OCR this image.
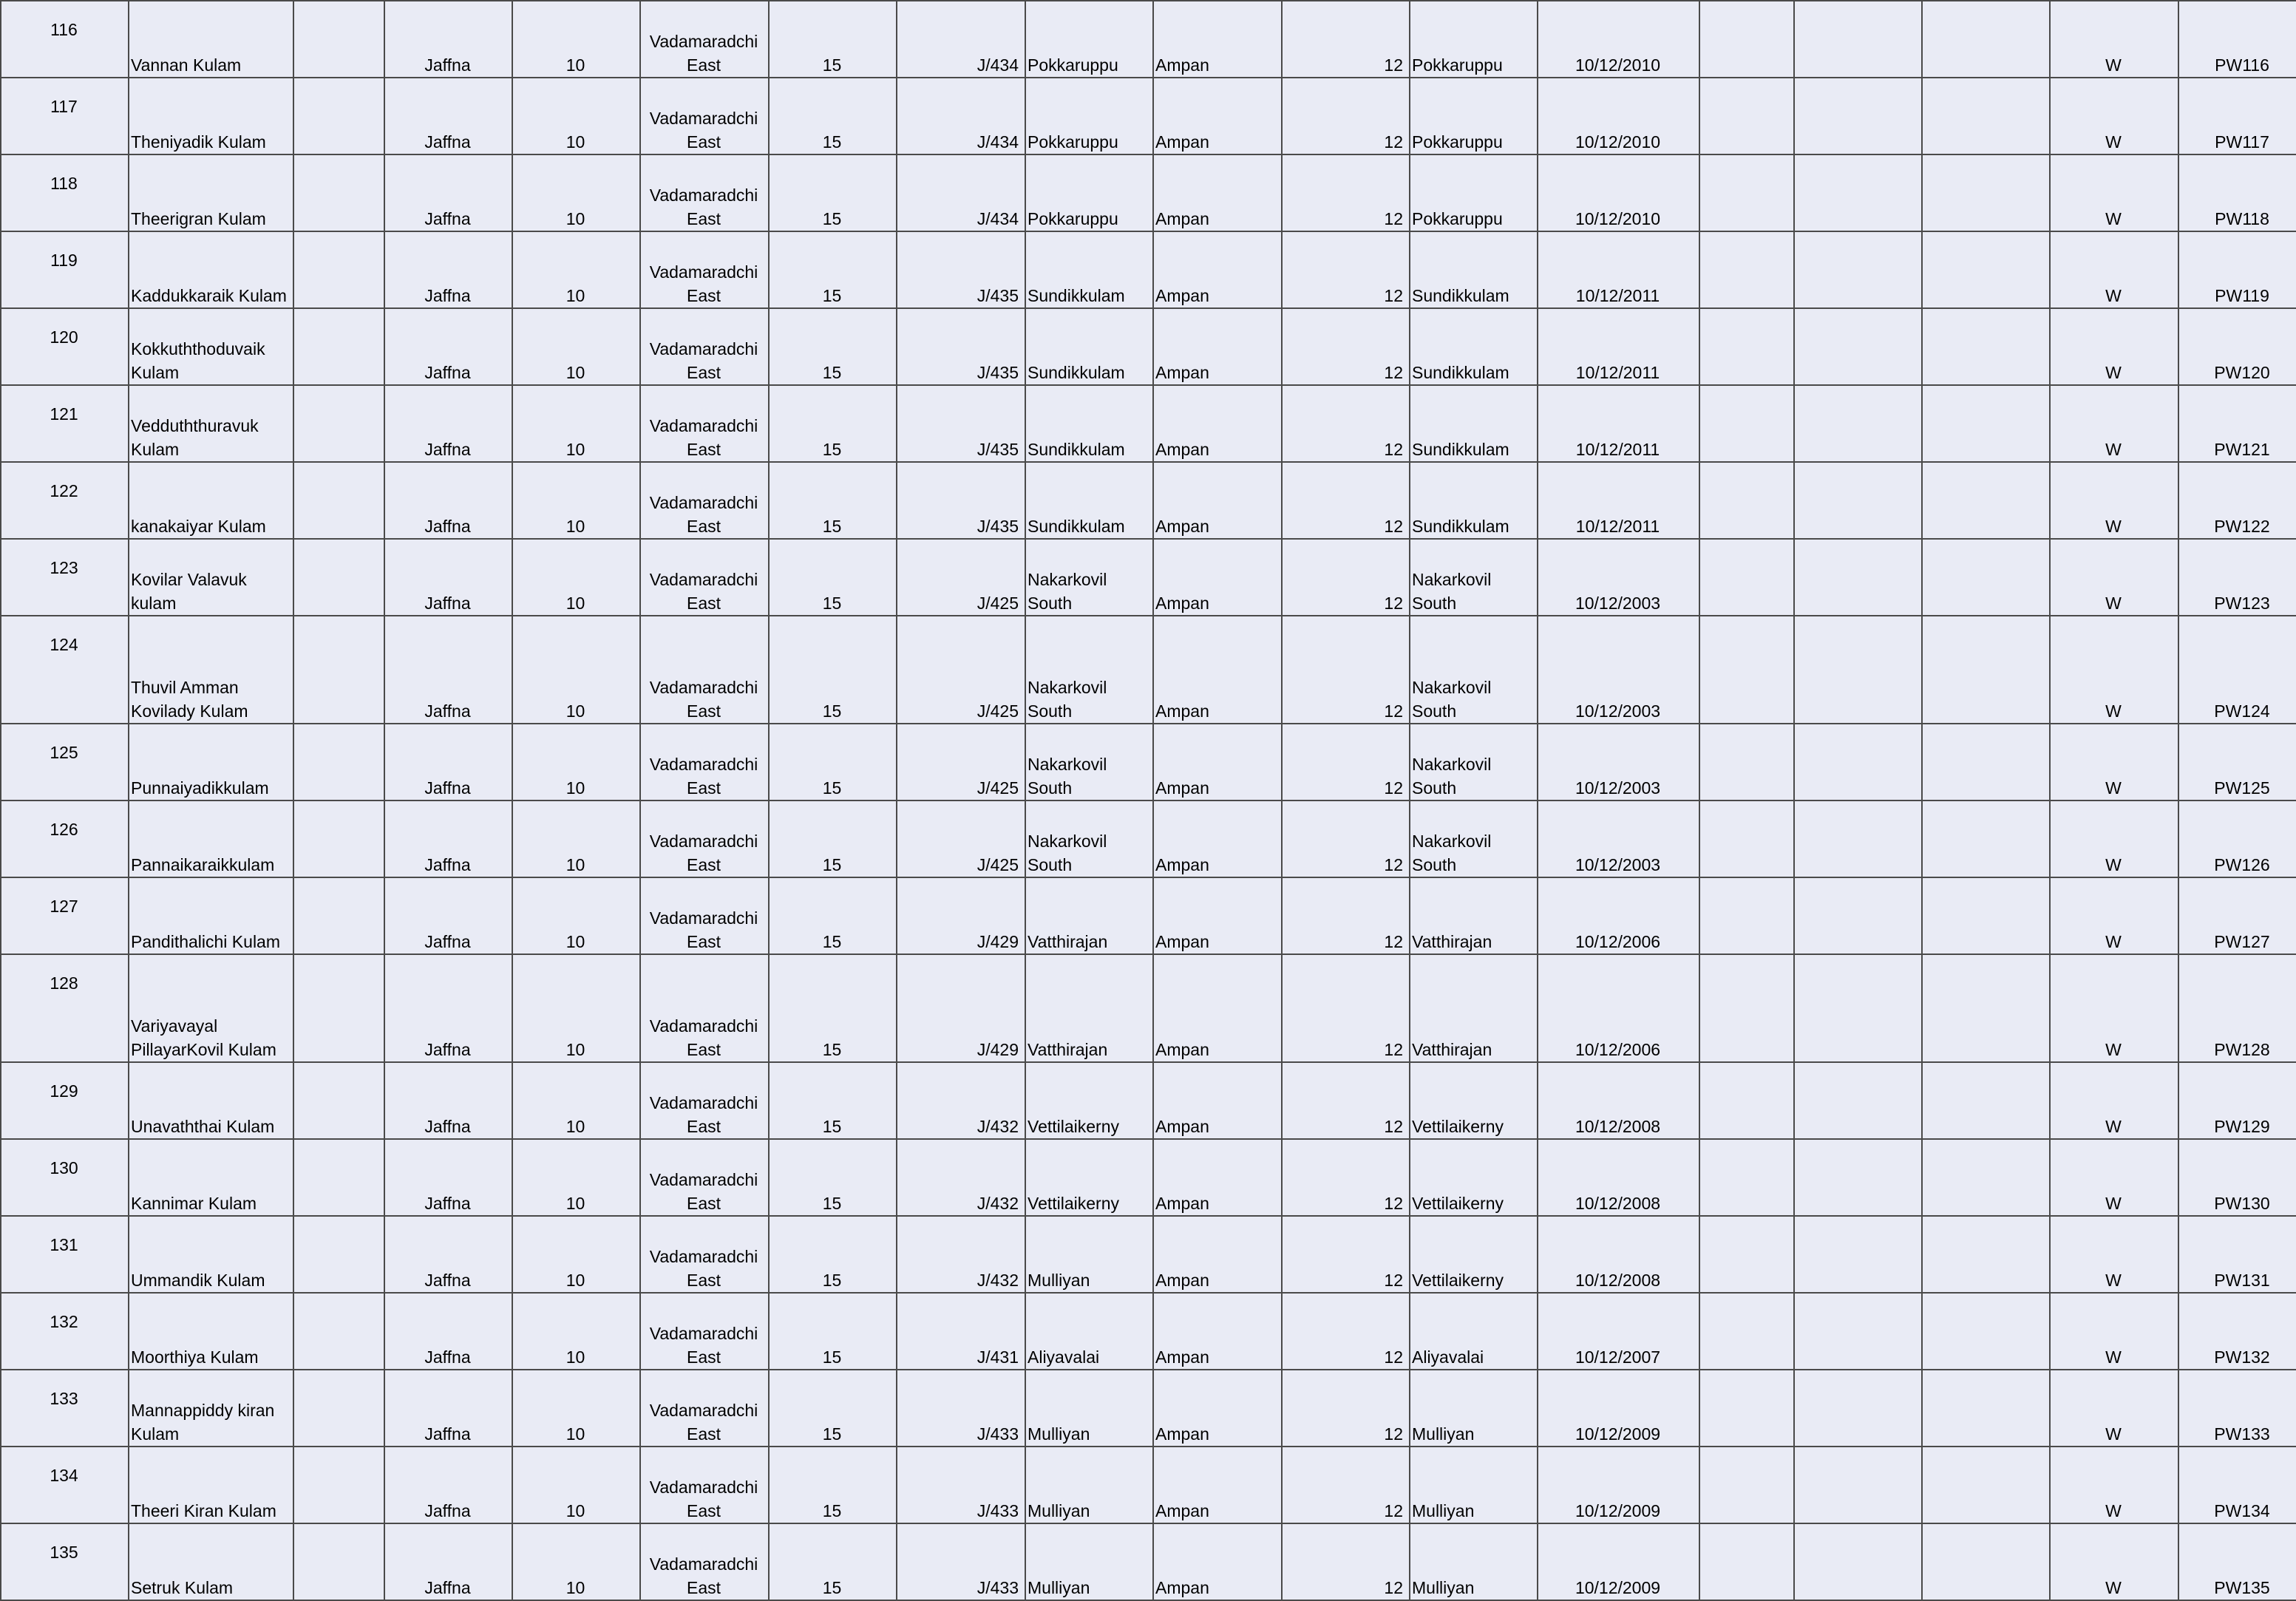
116	Vannan Kulam		Jaffna	10	Vadamaradchi East	15	J/434	Pokkaruppu	Ampan	12	Pokkaruppu	10/12/2010				W	PW116
117	Theniyadik Kulam		Jaffna	10	Vadamaradchi East	15	J/434	Pokkaruppu	Ampan	12	Pokkaruppu	10/12/2010				W	PW117
118	Theerigran Kulam		Jaffna	10	Vadamaradchi East	15	J/434	Pokkaruppu	Ampan	12	Pokkaruppu	10/12/2010				W	PW118
119	Kaddukkaraik Kulam		Jaffna	10	Vadamaradchi East	15	J/435	Sundikkulam	Ampan	12	Sundikkulam	10/12/2011				W	PW119
120	Kokkuththoduvaik Kulam		Jaffna	10	Vadamaradchi East	15	J/435	Sundikkulam	Ampan	12	Sundikkulam	10/12/2011				W	PW120
121	Vedduththuravuk Kulam		Jaffna	10	Vadamaradchi East	15	J/435	Sundikkulam	Ampan	12	Sundikkulam	10/12/2011				W	PW121
122	kanakaiyar Kulam		Jaffna	10	Vadamaradchi East	15	J/435	Sundikkulam	Ampan	12	Sundikkulam	10/12/2011				W	PW122
123	Kovilar Valavuk kulam		Jaffna	10	Vadamaradchi East	15	J/425	Nakarkovil South	Ampan	12	Nakarkovil South	10/12/2003				W	PW123
124	Thuvil Amman Kovilady Kulam		Jaffna	10	Vadamaradchi East	15	J/425	Nakarkovil South	Ampan	12	Nakarkovil South	10/12/2003				W	PW124
125	Punnaiyadikkulam		Jaffna	10	Vadamaradchi East	15	J/425	Nakarkovil South	Ampan	12	Nakarkovil South	10/12/2003				W	PW125
126	Pannaikaraikkulam		Jaffna	10	Vadamaradchi East	15	J/425	Nakarkovil South	Ampan	12	Nakarkovil South	10/12/2003				W	PW126
127	Pandithalichi Kulam		Jaffna	10	Vadamaradchi East	15	J/429	Vatthirajan	Ampan	12	Vatthirajan	10/12/2006				W	PW127
128	Variyavayal PillayarKovil Kulam		Jaffna	10	Vadamaradchi East	15	J/429	Vatthirajan	Ampan	12	Vatthirajan	10/12/2006				W	PW128
129	Unavaththai Kulam		Jaffna	10	Vadamaradchi East	15	J/432	Vettilaikerny	Ampan	12	Vettilaikerny	10/12/2008				W	PW129
130	Kannimar Kulam		Jaffna	10	Vadamaradchi East	15	J/432	Vettilaikerny	Ampan	12	Vettilaikerny	10/12/2008				W	PW130
131	Ummandik Kulam		Jaffna	10	Vadamaradchi East	15	J/432	Mulliyan	Ampan	12	Vettilaikerny	10/12/2008				W	PW131
132	Moorthiya Kulam		Jaffna	10	Vadamaradchi East	15	J/431	Aliyavalai	Ampan	12	Aliyavalai	10/12/2007				W	PW132
133	Mannappiddy kiran Kulam		Jaffna	10	Vadamaradchi East	15	J/433	Mulliyan	Ampan	12	Mulliyan	10/12/2009				W	PW133
134	Theeri Kiran Kulam		Jaffna	10	Vadamaradchi East	15	J/433	Mulliyan	Ampan	12	Mulliyan	10/12/2009				W	PW134
135	Setruk Kulam		Jaffna	10	Vadamaradchi East	15	J/433	Mulliyan	Ampan	12	Mulliyan	10/12/2009				W	PW135
